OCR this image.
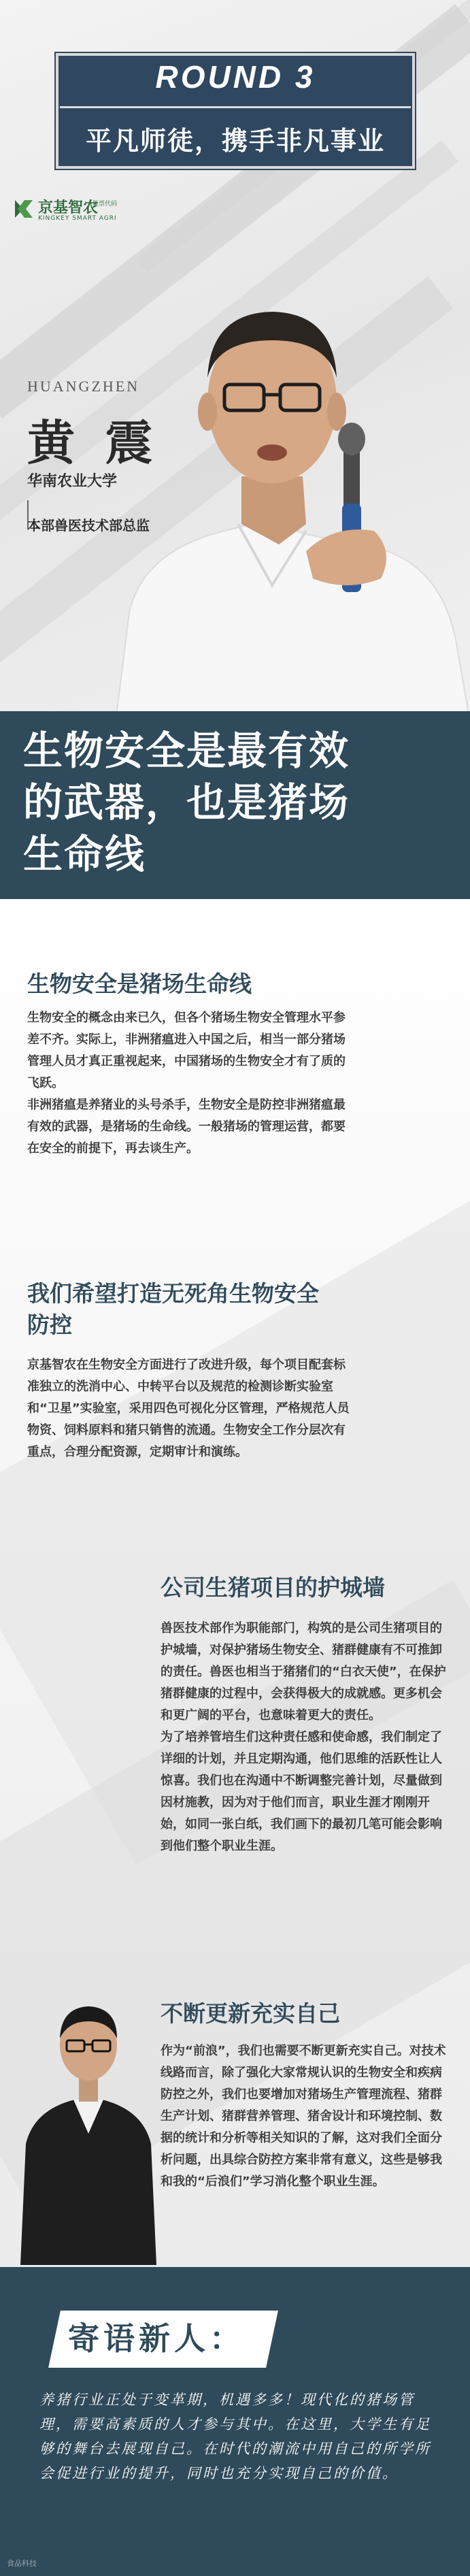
ROUND 3
平凡师徒，携手非凡事业
京基智农
股票代码
KINGKEY SMART AGRI
HUANGZHEN
黄 震
华南农业大学
本部兽医技术部总监
生物安全是最有效
的武器，也是猪场
生命线
生物安全是猪场生命线

生物安全的概念由来已久，但各个猪场生物安全管理水平参差不齐。实际上，非洲猪瘟进入中国之后，相当一部分猪场管理人员才真正重视起来，中国猪场的生物安全才有了质的飞跃。

非洲猪瘟是养猪业的头号杀手，生物安全是防控非洲猪瘟最有效的武器，是猪场的生命线。一般猪场的管理运营，都要在安全的前提下，再去谈生产。

我们希望打造无死角生物安全防控

京基智农在生物安全方面进行了改进升级，每个项目配套标准独立的洗消中心、中转平台以及规范的检测诊断实验室和“卫星”实验室，采用四色可视化分区管理，严格规范人员物资、饲料原料和猪只销售的流通。生物安全工作分层次有重点，合理分配资源，定期审计和演练。

公司生猪项目的护城墙

兽医技术部作为职能部门，构筑的是公司生猪项目的护城墙，对保护猪场生物安全、猪群健康有不可推卸的责任。兽医也相当于猪猪们的“白衣天使”，在保护猪群健康的过程中，会获得极大的成就感。更多机会和更广阔的平台，也意味着更大的责任。

为了培养管培生们这种责任感和使命感，我们制定了详细的计划，并且定期沟通，他们思维的活跃性让人惊喜。我们也在沟通中不断调整完善计划，尽量做到因材施教，因为对于他们而言，职业生涯才刚刚开始，如同一张白纸，我们画下的最初几笔可能会影响到他们整个职业生涯。

不断更新充实自己

作为“前浪”，我们也需要不断更新充实自己。对技术线路而言，除了强化大家常规认识的生物安全和疾病防控之外，我们也要增加对猪场生产管理流程、猪群生产计划、猪群营养管理、猪舍设计和环境控制、数据的统计和分析等相关知识的了解，这对我们全面分析问题，出具综合防控方案非常有意义，这些是够我和我的“后浪们”学习消化整个职业生涯。

寄语新人：
养猪行业正处于变革期，机遇多多！现代化的猪场管理，需要高素质的人才参与其中。在这里，大学生有足够的舞台去展现自己。在时代的潮流中用自己的所学所会促进行业的提升，同时也充分实现自己的价值。
食品科技
